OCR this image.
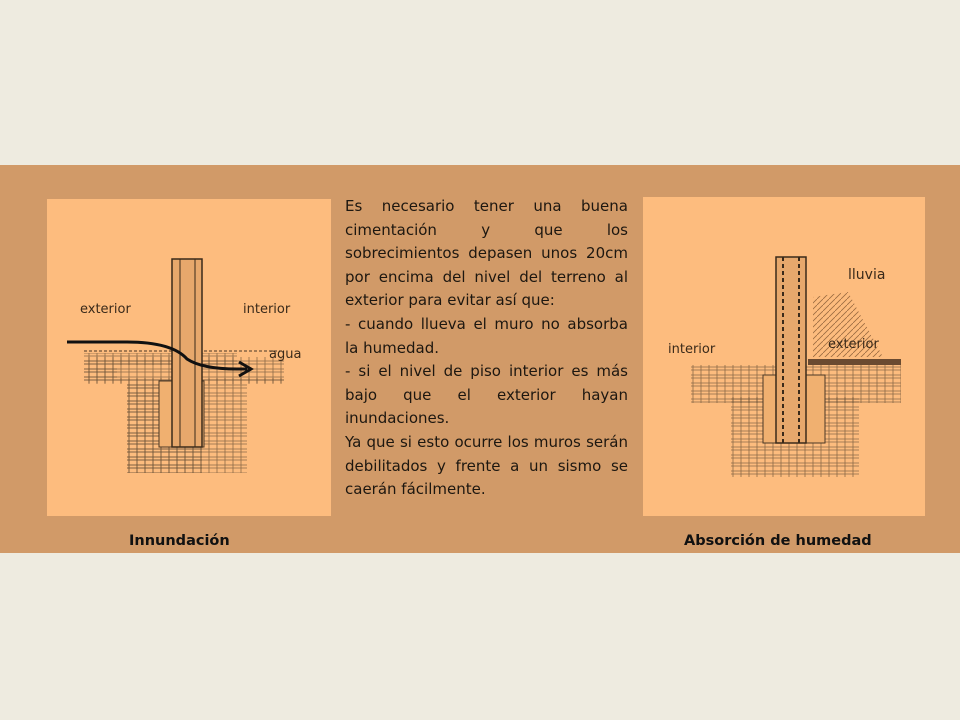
exterior	interior
agua
Innundación

Es necesario tener una buena cimentación y que los sobrecimientos depasen unos 20cm por encima del nivel del terreno al exterior para evitar así que:

- cuando llueva el muro no absorba la humedad.

- si el nivel de piso interior es más bajo que el exterior hayan inundaciones.

Ya que si esto ocurre los muros serán debilitados y frente a un sismo se caerán fácilmente.

lluvia
interior	exterior
Absorción de humedad
